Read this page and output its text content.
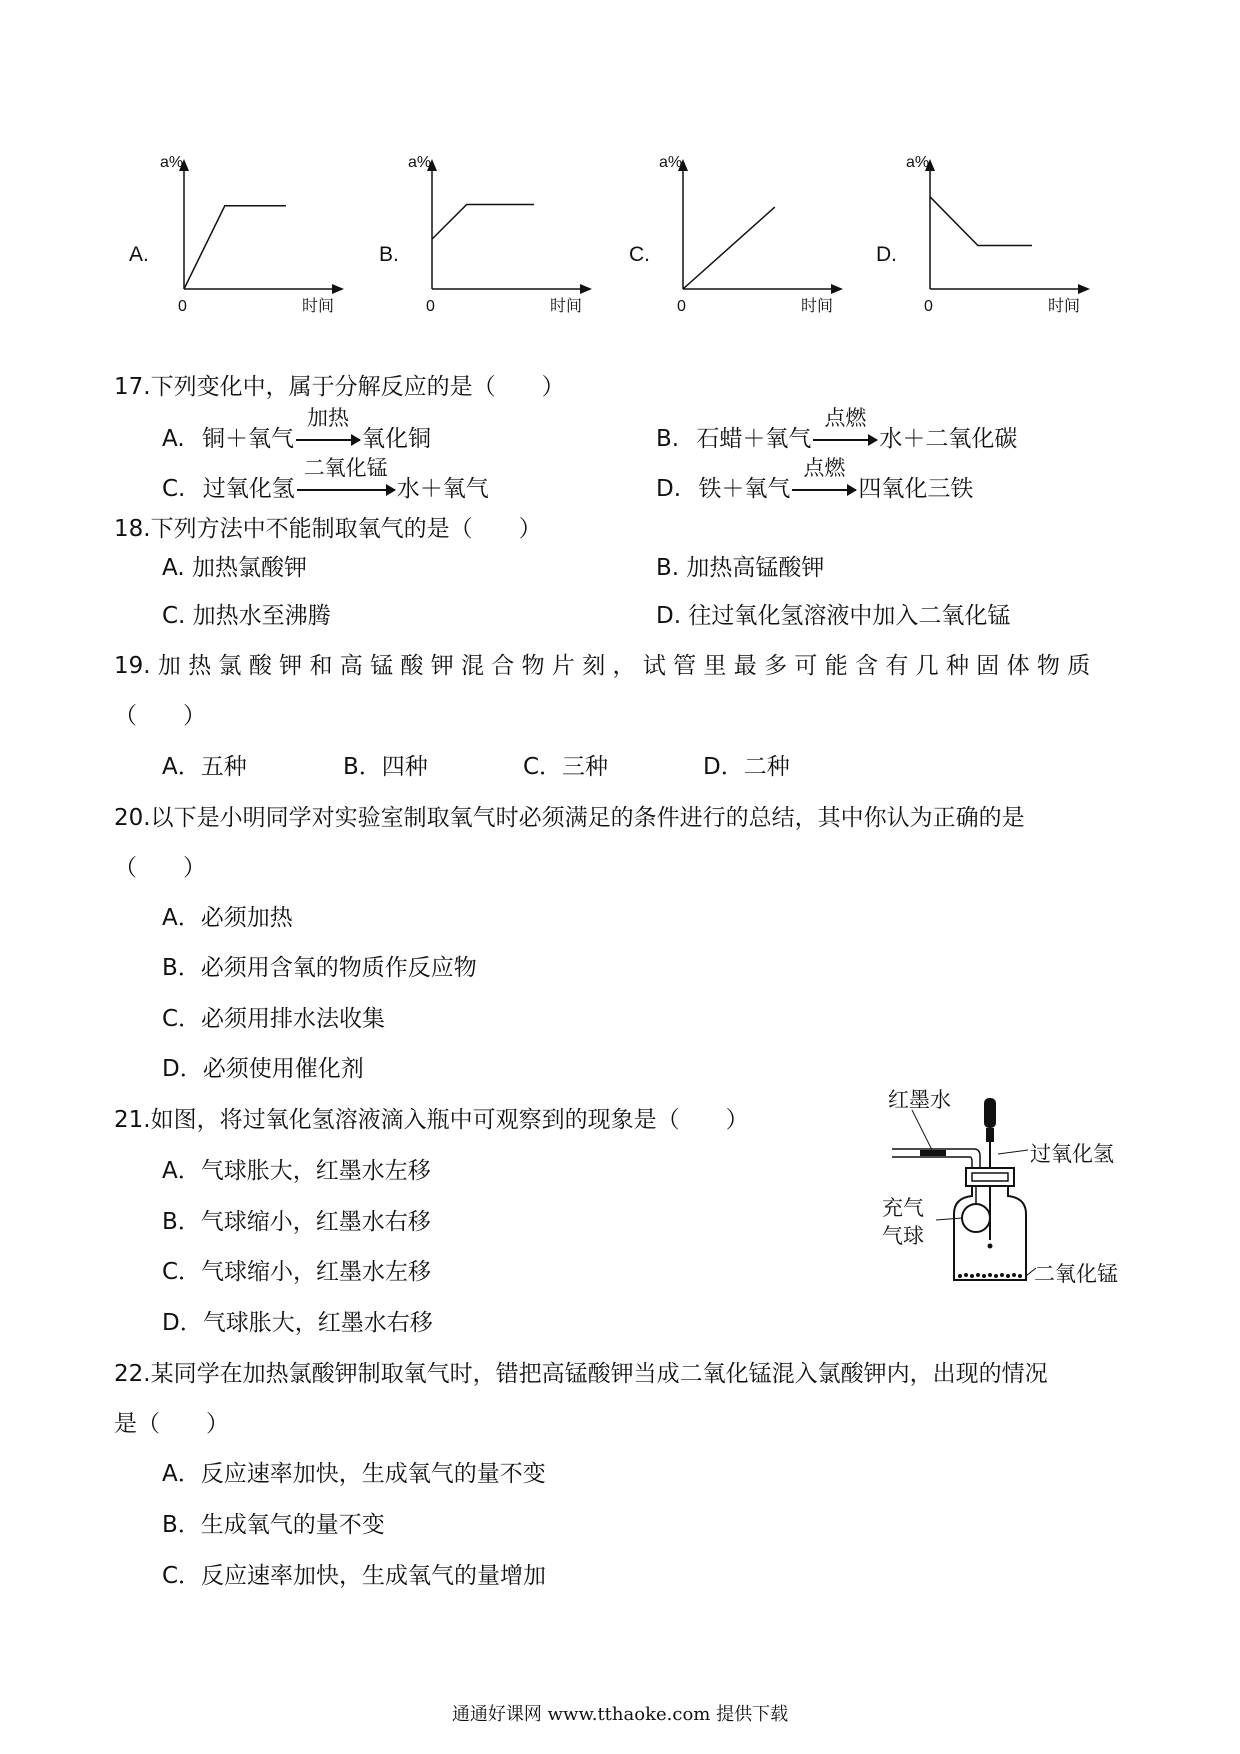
A.
a%
0	时间
B.
a%
0	时间
C.
a%
0	时间
D.
a%
0	时间
17.下列变化中，属于分解反应的是（　　）
A. 铜＋氧气
加热
氧化铜	B. 石蜡＋氧气
点燃
水＋二氧化碳
C. 过氧化氢
二氧化锰
水＋氧气	D. 铁＋氧气
点燃
四氧化三铁
18.下列方法中不能制取氧气的是（　　）
A. 加热氯酸钾	B. 加热高锰酸钾
C. 加热水至沸腾	D. 往过氧化氢溶液中加入二氧化锰
19. 加 热 氯 酸 钾 和 高 锰 酸 钾 混 合 物 片 刻 ， 试 管 里 最 多 可 能 含 有 几 种 固 体 物 质
（　　）
A．五种	B．四种	C．三种	D．二种
20.以下是小明同学对实验室制取氧气时必须满足的条件进行的总结，其中你认为正确的是
（　　）
A．必须加热
B．必须用含氧的物质作反应物
C．必须用排水法收集
D．必须使用催化剂
21.如图，将过氧化氢溶液滴入瓶中可观察到的现象是（　　）
A．气球胀大，红墨水左移
B．气球缩小，红墨水右移
C．气球缩小，红墨水左移
D．气球胀大，红墨水右移
红墨水
过氧化氢
充气
气球
二氧化锰
22.某同学在加热氯酸钾制取氧气时，错把高锰酸钾当成二氧化锰混入氯酸钾内，出现的情况
是（　　）
A．反应速率加快，生成氧气的量不变
B．生成氧气的量不变
C．反应速率加快，生成氧气的量增加
通通好课网 www.tthaoke.com 提供下载
